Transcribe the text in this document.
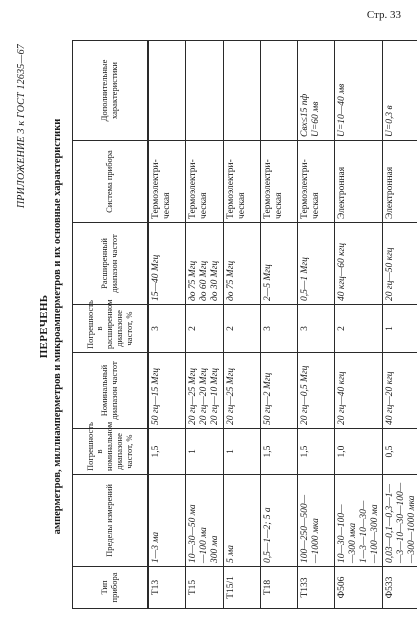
Стр. 33
ПРИЛОЖЕНИЕ 3 к ГОСТ 12635—67
ПЕРЕЧЕНЬ амперметров, миллиамперметров и микроамперметров и их основные характеристики
Тип прибора	Пределы измерений	Погрешность в номинальном диапазоне частот, %	Номинальный диапазон частот	Погрешность в расширенном диапазоне частот, %	Расширенный диапазон частот	Система прибора	Дополнительные характеристики
Т13	1—3 ма	1,5	50 гц—15 Мгц	3	15—40 Мгц	Термоэлектри- ческая	

Т15	10—30—50 ма —100 ма 300 ма	1	20 гц—25 Мгц 20 гц—20 Мгц 20 гц—10 Мгц	2	до 75 Мгц до 60 Мгц до 30 Мгц	Термоэлектри- ческая	

Т15/1	5 ма	1	20 гц—25 Мгц	2	до 75 Мгц	Термоэлектри- ческая	

Т18	0,5—1—2; 5 а	1,5	50 гц—2 Мгц	3	2—5 Мгц	Термоэлектри- ческая	

Т133	100—250—500— —1000 мка	1,5	20 гц—0,5 Мгц	3	0,5—1 Мгц	Термоэлектри- ческая	Cвх≤15 пф U=60 мв

Ф506	10—30—100— —300 мка 1—3—10—30— —100—300 ма	1,0	20 гц—40 кгц	2	40 кгц—60 кгц	Электронная	U=10—40 мв

Ф533	0,03—0,1—0,3—1— —3—10—30—100— —300—1000 мка	0,5	40 гц—20 кгц	1	20 гц—50 кгц	Электронная	U=0,3 в
